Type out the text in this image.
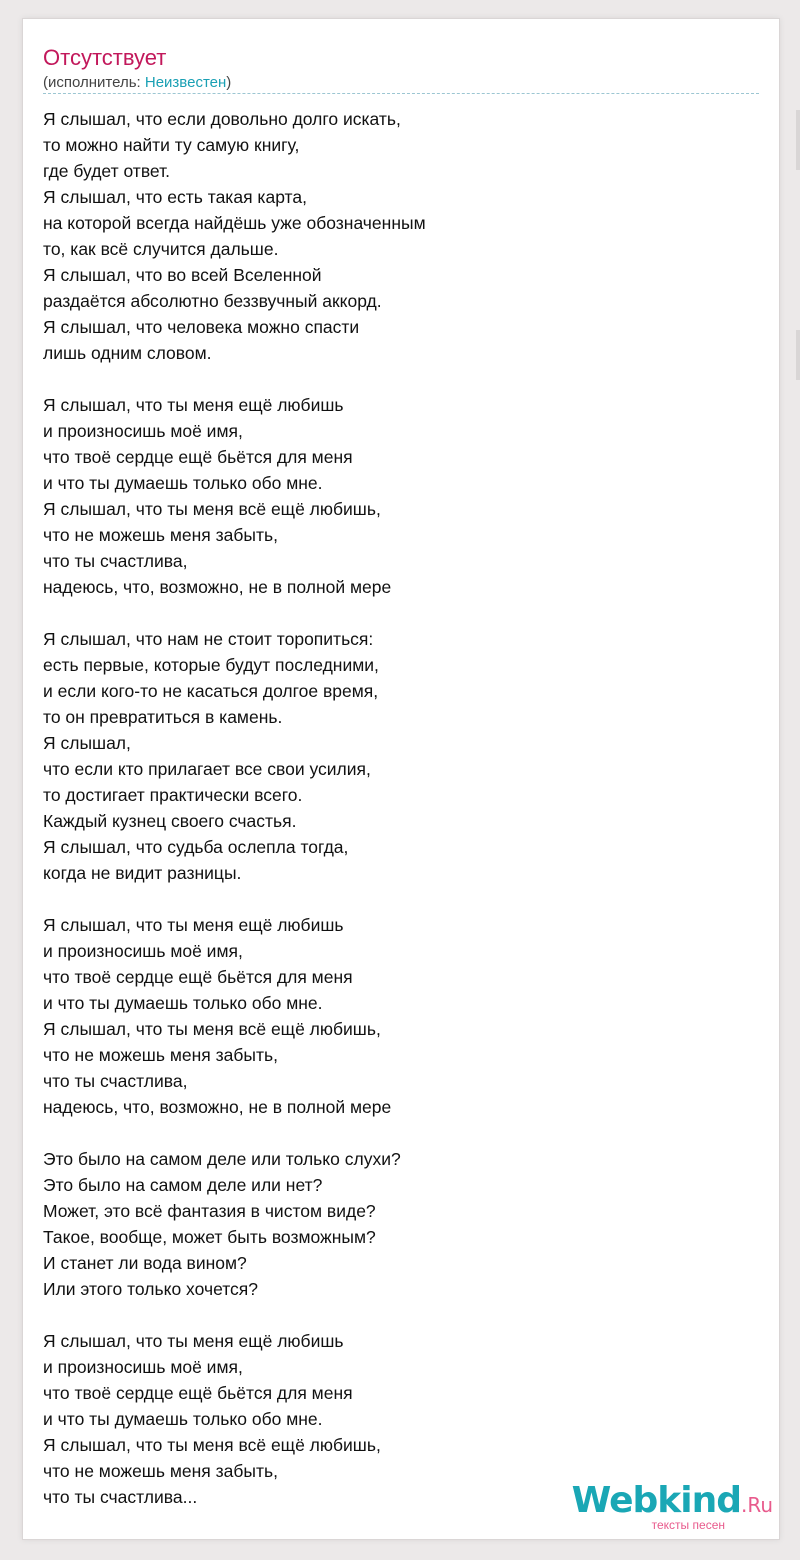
Отсутствует
(исполнитель: Неизвестен)
Я слышал, что если довольно долго искать,
то можно найти ту самую книгу,
где будет ответ.
Я слышал, что есть такая карта,
на которой всегда найдёшь уже обозначенным
то, как всё случится дальше.
Я слышал, что во всей Вселенной
раздаётся абсолютно беззвучный аккорд.
Я слышал, что человека можно спасти
лишь одним словом.
Я слышал, что ты меня ещё любишь
и произносишь моё имя,
что твоё сердце ещё бьётся для меня
и что ты думаешь только обо мне.
Я слышал, что ты меня всё ещё любишь,
что не можешь меня забыть,
что ты счастлива,
надеюсь, что, возможно, не в полной мере
Я слышал, что нам не стоит торопиться:
есть первые, которые будут последними,
и если кого-то не касаться долгое время,
то он превратиться в камень.
Я слышал,
что если кто прилагает все свои усилия,
то достигает практически всего.
Каждый кузнец своего счастья.
Я слышал, что судьба ослепла тогда,
когда не видит разницы.
Я слышал, что ты меня ещё любишь
и произносишь моё имя,
что твоё сердце ещё бьётся для меня
и что ты думаешь только обо мне.
Я слышал, что ты меня всё ещё любишь,
что не можешь меня забыть,
что ты счастлива,
надеюсь, что, возможно, не в полной мере
Это было на самом деле или только слухи?
Это было на самом деле или нет?
Может, это всё фантазия в чистом виде?
Такое, вообще, может быть возможным?
И станет ли вода вином?
Или этого только хочется?
Я слышал, что ты меня ещё любишь
и произносишь моё имя,
что твоё сердце ещё бьётся для меня
и что ты думаешь только обо мне.
Я слышал, что ты меня всё ещё любишь,
что не можешь меня забыть,
что ты счастлива...	Webkind.Ru
тексты песен
